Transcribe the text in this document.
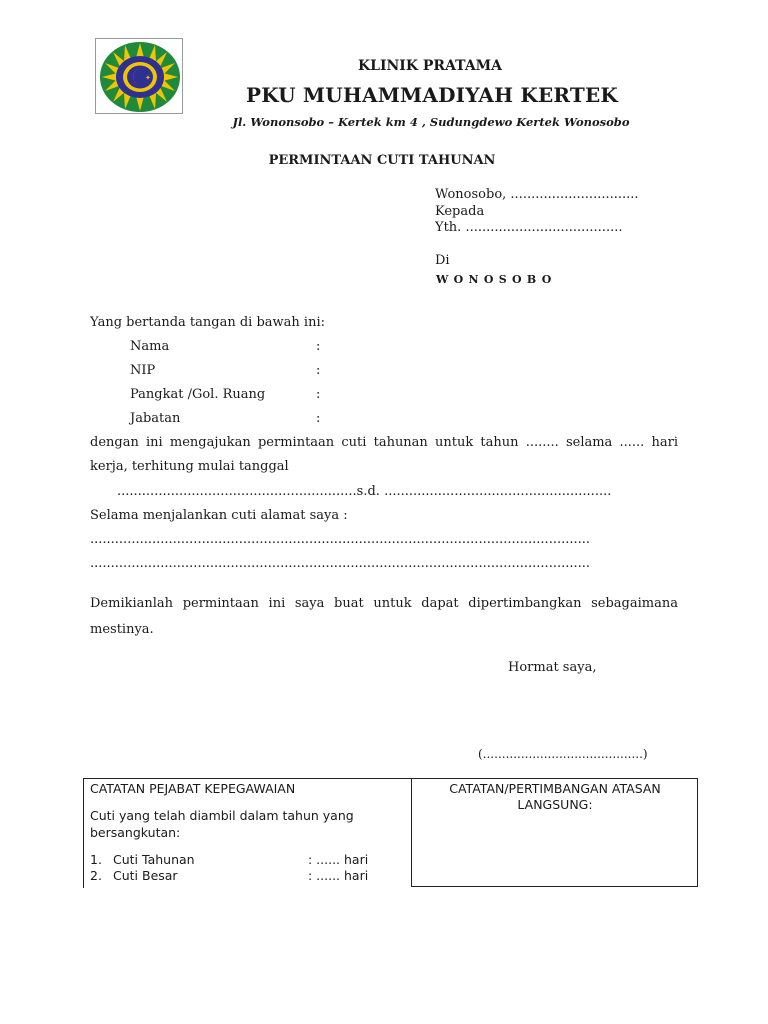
✦
KLINIK PRATAMA
PKU MUHAMMADIYAH KERTEK
Jl. Wononsobo – Kertek km 4 , Sudungdewo Kertek Wonosobo
PERMINTAAN CUTI TAHUNAN
Wonosobo, ...............................
Kepada
Yth. ......................................
Di
WONOSOBO
Yang bertanda tangan di bawah ini:
Nama	:
NIP	:
Pangkat /Gol. Ruang	:
Jabatan	:
dengan ini mengajukan permintaan cuti tahunan untuk tahun ........ selama ...... hari
kerja, terhitung mulai tanggal
..........................................................s.d. .......................................................
Selama menjalankan cuti alamat saya :
.........................................................................................................................
.........................................................................................................................
Demikianlah permintaan ini saya buat untuk dapat dipertimbangkan sebagaimana
mestinya.
Hormat saya,
(..........................................)
CATATAN PEJABAT KEPEGAWAIAN
Cuti yang telah diambil dalam tahun yang
bersangkutan:
1. Cuti Tahunan	: ...... hari
2. Cuti Besar	: ...... hari
CATATAN/PERTIMBANGAN ATASAN
LANGSUNG:
